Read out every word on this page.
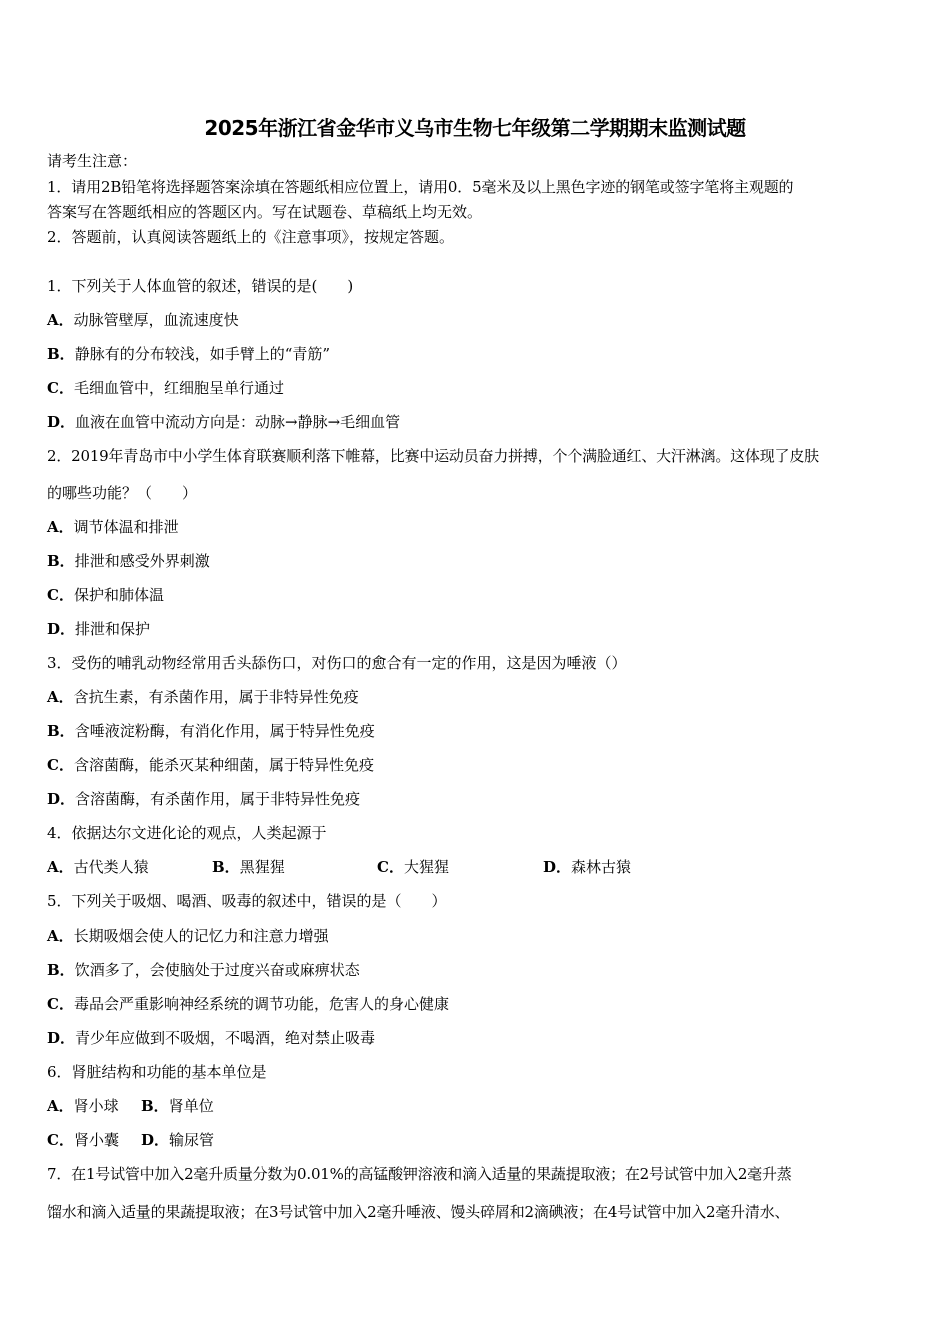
2025年浙江省金华市义乌市生物七年级第二学期期末监测试题
请考生注意：
1．请用2B铅笔将选择题答案涂填在答题纸相应位置上，请用0．5毫米及以上黑色字迹的钢笔或签字笔将主观题的
答案写在答题纸相应的答题区内。写在试题卷、草稿纸上均无效。
2．答题前，认真阅读答题纸上的《注意事项》，按规定答题。
1．下列关于人体血管的叙述，错误的是(　　)
A．动脉管壁厚，血流速度快
B．静脉有的分布较浅，如手臂上的“青筋”
C．毛细血管中，红细胞呈单行通过
D．血液在血管中流动方向是：动脉→静脉→毛细血管
2．2019年青岛市中小学生体育联赛顺利落下帷幕，比赛中运动员奋力拼搏，个个满脸通红、大汗淋漓。这体现了皮肤
的哪些功能？（　　）
A．调节体温和排泄
B．排泄和感受外界刺激
C．保护和肺体温
D．排泄和保护
3．受伤的哺乳动物经常用舌头舔伤口，对伤口的愈合有一定的作用，这是因为唾液（）
A．含抗生素，有杀菌作用，属于非特异性免疫
B．含唾液淀粉酶，有消化作用，属于特异性免疫
C．含溶菌酶，能杀灭某种细菌，属于特异性免疫
D．含溶菌酶，有杀菌作用，属于非特异性免疫
4．依据达尔文进化论的观点，人类起源于
A．古代类人猿	B．黑猩猩	C．大猩猩	D．森林古猿
5．下列关于吸烟、喝酒、吸毒的叙述中，错误的是（　　）
A．长期吸烟会使人的记忆力和注意力增强
B．饮酒多了，会使脑处于过度兴奋或麻痹状态
C．毒品会严重影响神经系统的调节功能，危害人的身心健康
D．青少年应做到不吸烟，不喝酒，绝对禁止吸毒
6．肾脏结构和功能的基本单位是
A．肾小球 B．肾单位
C．肾小囊 D．输尿管
7．在1号试管中加入2毫升质量分数为0.01%的高锰酸钾溶液和滴入适量的果蔬提取液；在2号试管中加入2毫升蒸
馏水和滴入适量的果蔬提取液；在3号试管中加入2毫升唾液、馒头碎屑和2滴碘液；在4号试管中加入2毫升清水、
